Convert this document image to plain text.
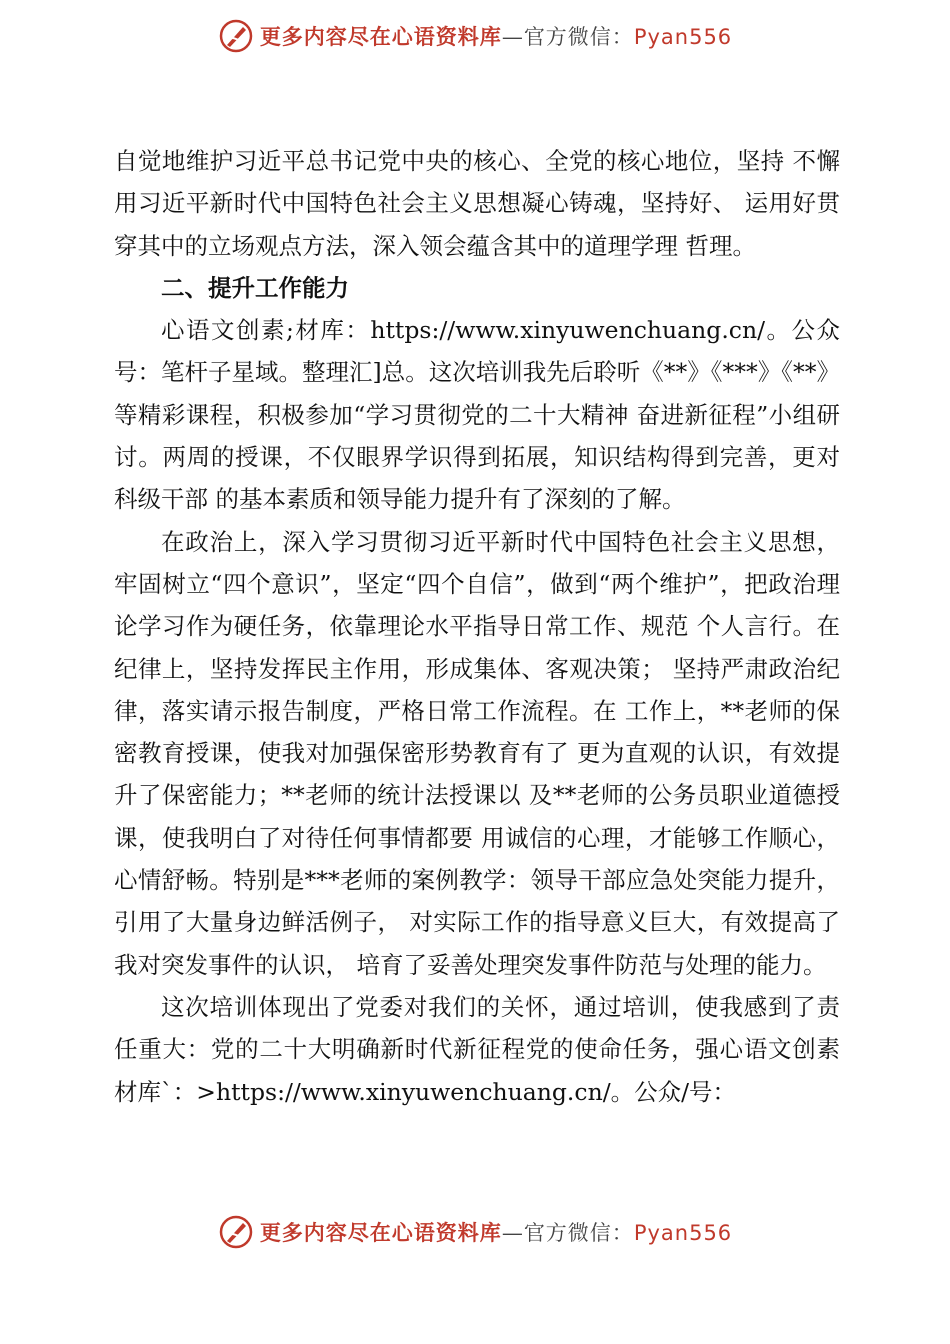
更多内容尽在心语资料库—官方微信：Pyan556

自觉地维护习近平总书记党中央的核心、全党的核心地位，坚持 不懈用习近平新时代中国特色社会主义思想凝心铸魂，坚持好、 运用好贯穿其中的立场观点方法，深入领会蕴含其中的道理学理 哲理。

二、提升工作能力

心语文创素;材库：https://www.xinyuwenchuang.cn/。公众号：笔杆子星域。整理汇]总。这次培训我先后聆听《**》《***》《**》等精彩课程，积极参加“学习贯彻党的二十大精神 奋进新征程”小组研讨。两周的授课，不仅眼界学识得到拓展，知识结构得到完善，更对科级干部 的基本素质和领导能力提升有了深刻的了解。

在政治上，深入学习贯彻习近平新时代中国特色社会主义思想，牢固树立“四个意识”，坚定“四个自信”，做到“两个维护”，把政治理论学习作为硬任务，依靠理论水平指导日常工作、规范 个人言行。在纪律上，坚持发挥民主作用，形成集体、客观决策； 坚持严肃政治纪律，落实请示报告制度，严格日常工作流程。在 工作上，**老师的保密教育授课，使我对加强保密形势教育有了 更为直观的认识，有效提升了保密能力；**老师的统计法授课以 及**老师的公务员职业道德授课，使我明白了对待任何事情都要 用诚信的心理，才能够工作顺心，心情舒畅。特别是***老师的案例教学：领导干部应急处突能力提升，引用了大量身边鲜活例子， 对实际工作的指导意义巨大，有效提高了我对突发事件的认识， 培育了妥善处理突发事件防范与处理的能力。

这次培训体现出了党委对我们的关怀，通过培训，使我感到了责任重大：党的二十大明确新时代新征程党的使命任务，强心语文创素材库`：>https://www.xinyuwenchuang.cn/。公众/号：

更多内容尽在心语资料库—官方微信：Pyan556
